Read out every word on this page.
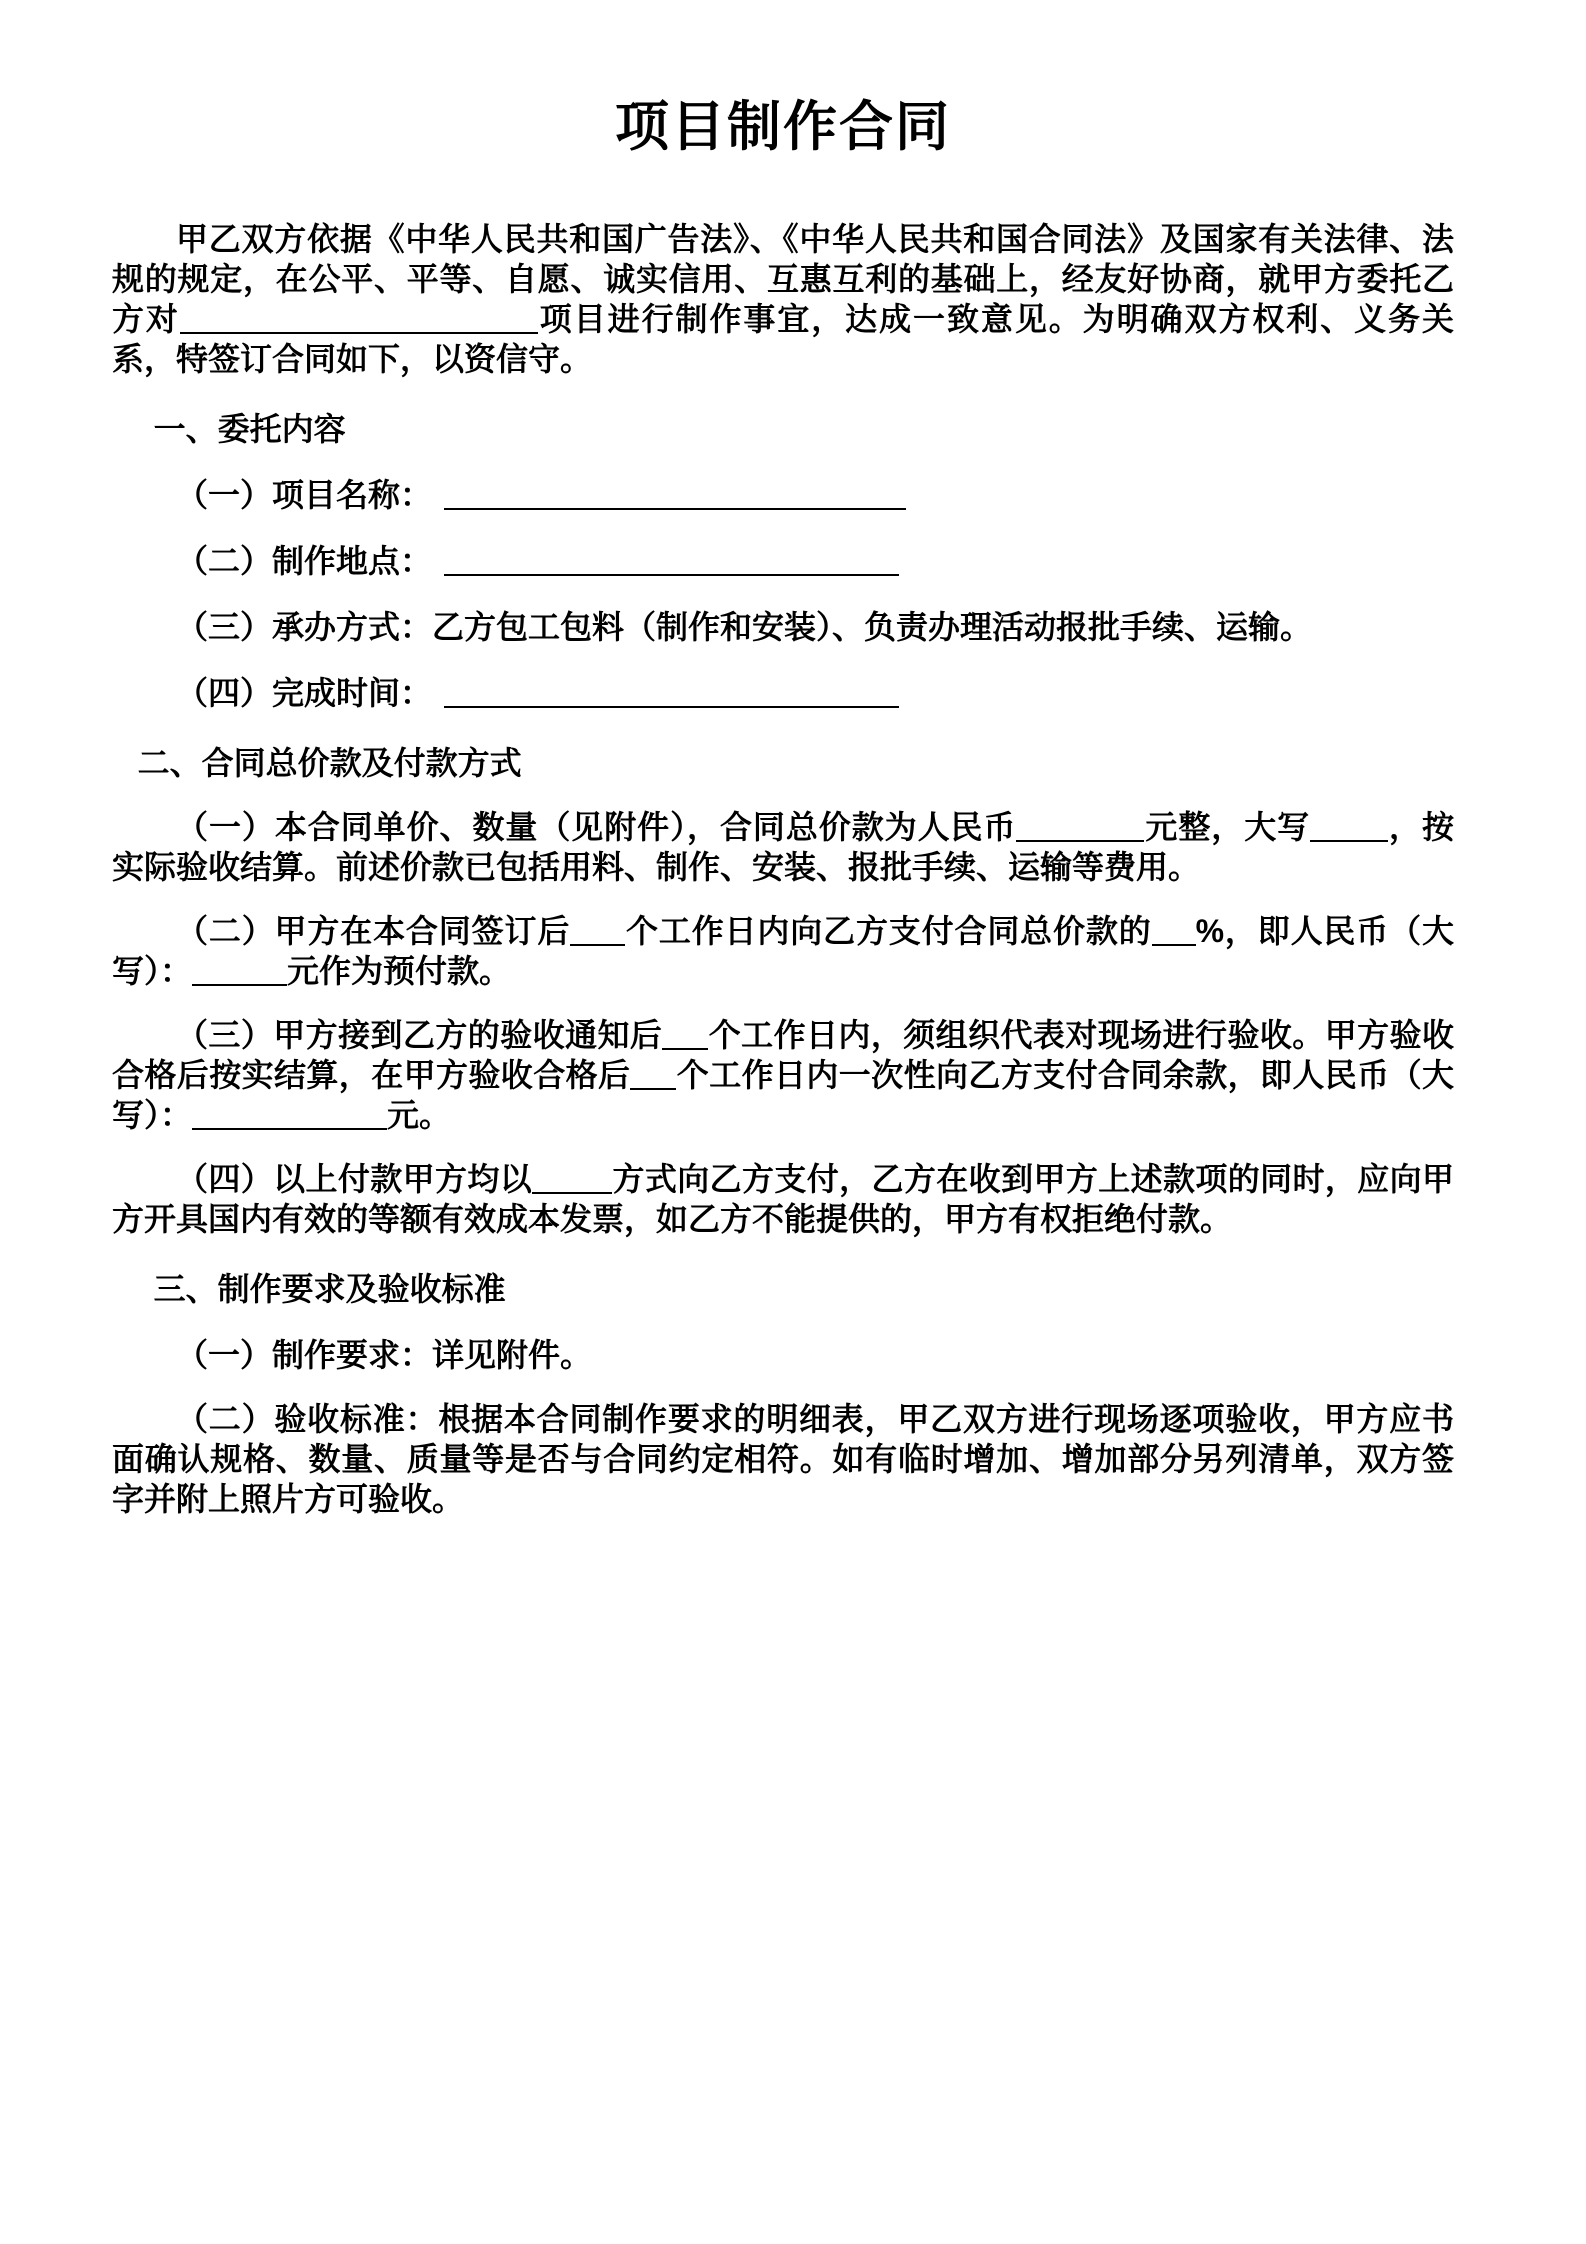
项目制作合同

甲乙双方依据《中华人民共和国广告法》、《中华人民共和国合同法》及国家有关法律、法规的规定，在公平、平等、自愿、诚实信用、互惠互利的基础上，经友好协商，就甲方委托乙方对	项目进行制作事宜，达成一致意见。为明确双方权利、义务关系，特签订合同如下，以资信守。

一、委托内容

（一）项目名称：

（二）制作地点：

（三）承办方式：乙方包工包料（制作和安装）、负责办理活动报批手续、运输。

（四）完成时间：

二、合同总价款及付款方式

（一）本合同单价、数量（见附件），合同总价款为人民币	元整，大写 ，按实际验收结算。前述价款已包括用料、制作、安装、报批手续、运输等费用。

（二）甲方在本合同签订后 个工作日内向乙方支付合同总价款的 %，即人民币（大写）：	元作为预付款。

（三）甲方接到乙方的验收通知后 个工作日内，须组织代表对现场进行验收。甲方验收合格后按实结算，在甲方验收合格后 个工作日内一次性向乙方支付合同余款，即人民币（大写）：	元。

（四）以上付款甲方均以	方式向乙方支付，乙方在收到甲方上述款项的同时，应向甲方开具国内有效的等额有效成本发票，如乙方不能提供的，甲方有权拒绝付款。

三、制作要求及验收标准

（一）制作要求：详见附件。

（二）验收标准：根据本合同制作要求的明细表，甲乙双方进行现场逐项验收，甲方应书面确认规格、数量、质量等是否与合同约定相符。如有临时增加、增加部分另列清单，双方签字并附上照片方可验收。
